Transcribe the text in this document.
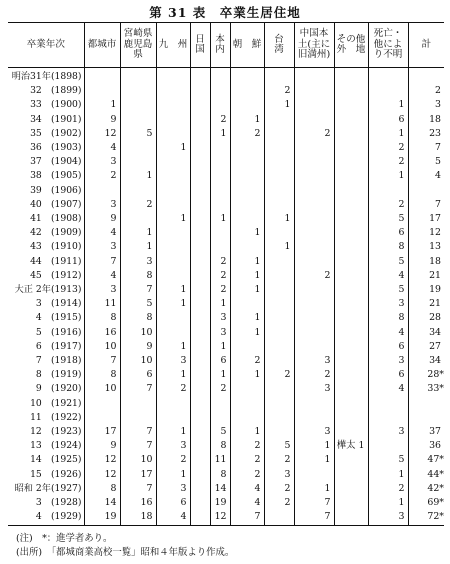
第 31 表　卒業生居住地
卒業年次	都城市	宮崎県 鹿児島県	九　州	日 国	本 内	朝　鮮	台　湾	中国本 土(主に 旧満州)	その他 外　地	死亡・ 他によ り不明	計
明治31年(1898)											
32　(1899)							2				2
33　(1900)	1						1			1	3
34　(1901)	9				2	1				6	18
35　(1902)	12	5			1	2		2		1	23
36　(1903)	4		1							2	7
37　(1904)	3									2	5
38　(1905)	2	1								1	4
39　(1906)											
40　(1907)	3	2								2	7
41　(1908)	9		1		1		1			5	17
42　(1909)	4	1				1				6	12
43　(1910)	3	1					1			8	13
44　(1911)	7	3			2	1				5	18
45　(1912)	4	8			2	1		2		4	21
大正 2年(1913)	3	7	1		2	1				5	19
3　(1914)	11	5	1		1					3	21
4　(1915)	8	8			3	1				8	28
5　(1916)	16	10			3	1				4	34
6　(1917)	10	9	1		1					6	27
7　(1918)	7	10	3		6	2		3		3	34
8　(1919)	8	6	1		1	1	2	2		6	28*
9　(1920)	10	7	2		2			3		4	33*
10　(1921)											
11　(1922)											
12　(1923)	17	7	1		5	1		3		3	37
13　(1924)	9	7	3		8	2	5	1	樺太 1		36
14　(1925)	12	10	2		11	2	2	1		5	47*
15　(1926)	12	17	1		8	2	3			1	44*
昭和 2年(1927)	8	7	3		14	4	2	1		2	42*
3　(1928)	14	16	6		19	4	2	7		1	69*
4　(1929)	19	18	4		12	7		7		3	72*
(注)　*：進学者あり。
(出所)　「都城商業高校一覧」昭和４年版より作成。
